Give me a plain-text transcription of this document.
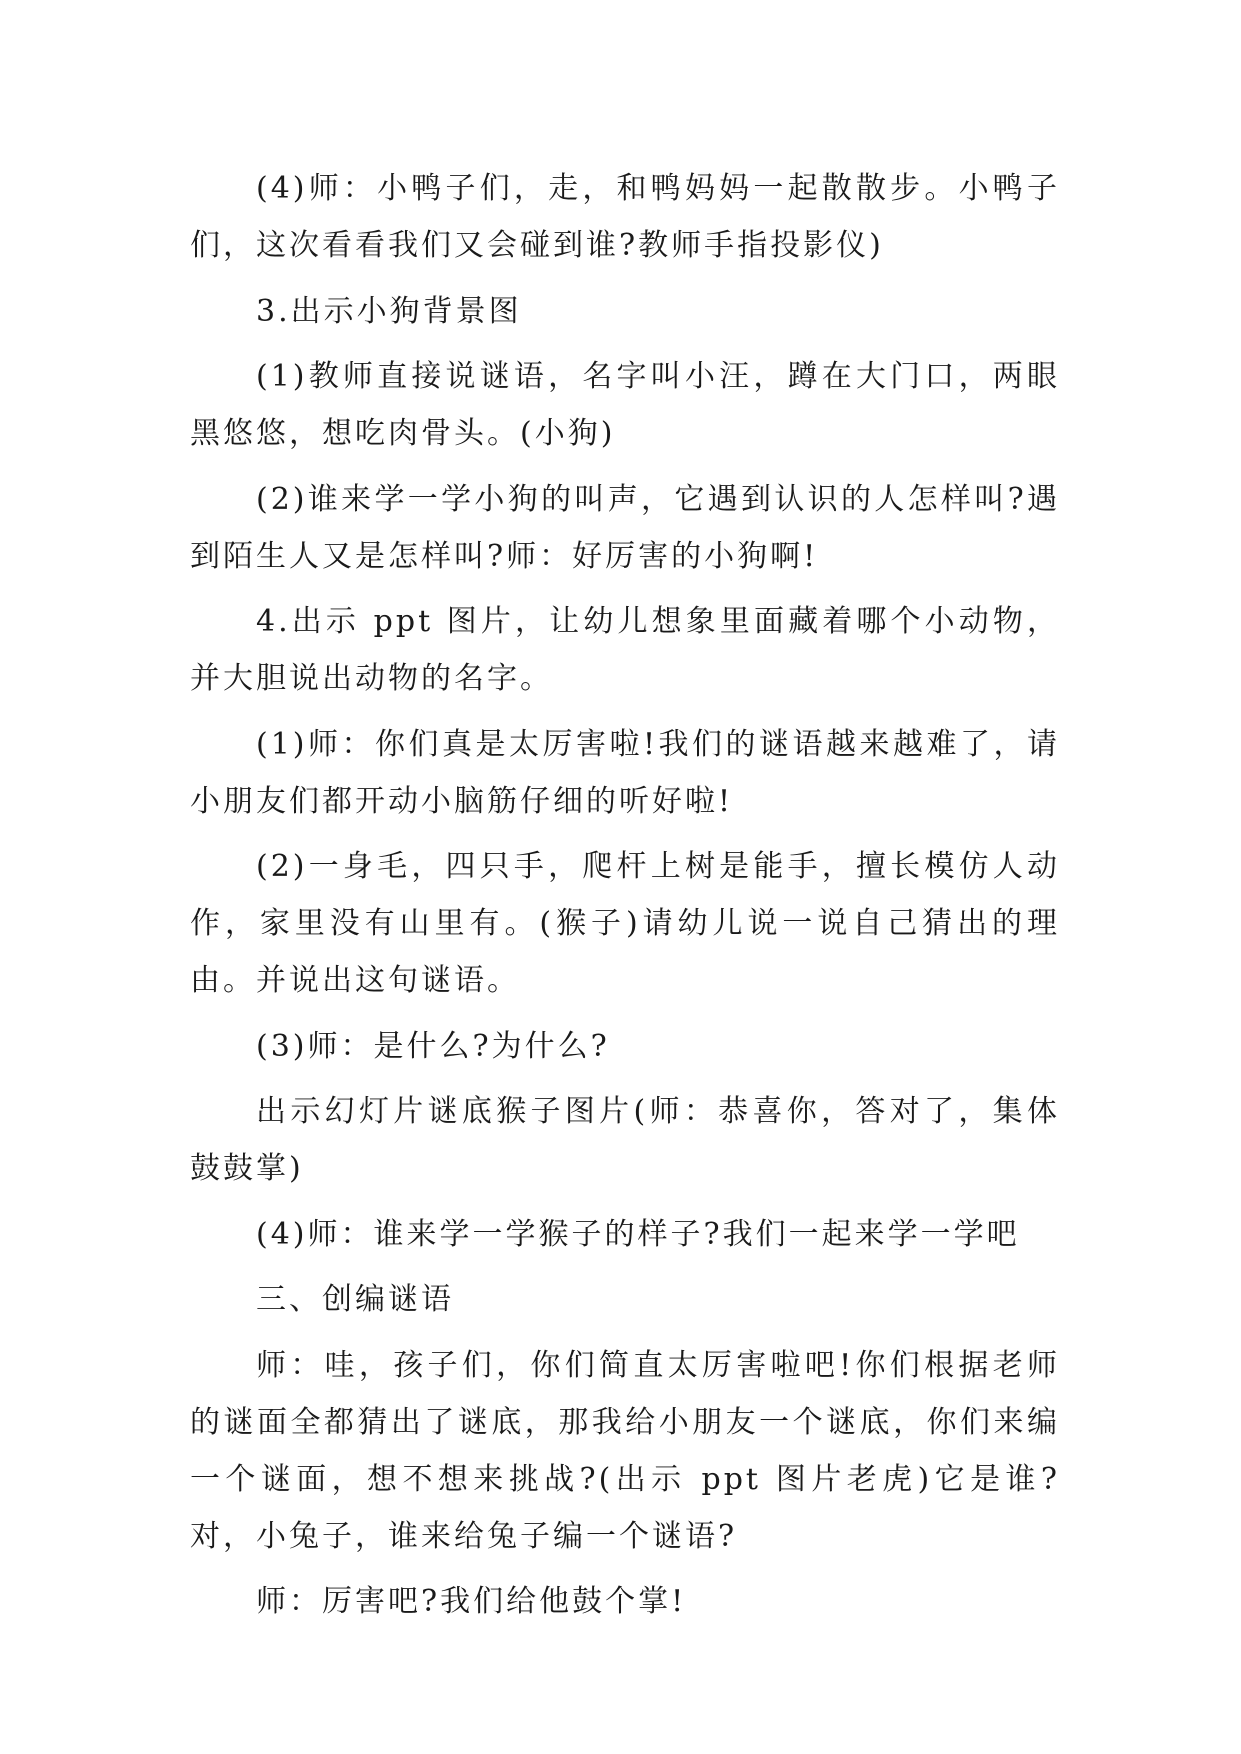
(4)师：小鸭子们，走，和鸭妈妈一起散散步。小鸭子们，这次看看我们又会碰到谁?教师手指投影仪)

3.出示小狗背景图

(1)教师直接说谜语，名字叫小汪，蹲在大门口，两眼黑悠悠，想吃肉骨头。(小狗)

(2)谁来学一学小狗的叫声，它遇到认识的人怎样叫?遇到陌生人又是怎样叫?师：好厉害的小狗啊!

4.出示 ppt 图片，让幼儿想象里面藏着哪个小动物，并大胆说出动物的名字。

(1)师：你们真是太厉害啦!我们的谜语越来越难了，请小朋友们都开动小脑筋仔细的听好啦!

(2)一身毛，四只手，爬杆上树是能手，擅长模仿人动作，家里没有山里有。(猴子)请幼儿说一说自己猜出的理由。并说出这句谜语。

(3)师：是什么?为什么?

出示幻灯片谜底猴子图片(师：恭喜你，答对了，集体鼓鼓掌)

(4)师：谁来学一学猴子的样子?我们一起来学一学吧

三、创编谜语

师：哇，孩子们，你们简直太厉害啦吧!你们根据老师的谜面全都猜出了谜底，那我给小朋友一个谜底，你们来编一个谜面，想不想来挑战?(出示 ppt 图片老虎)它是谁?对，小兔子，谁来给兔子编一个谜语?

师：厉害吧?我们给他鼓个掌!
